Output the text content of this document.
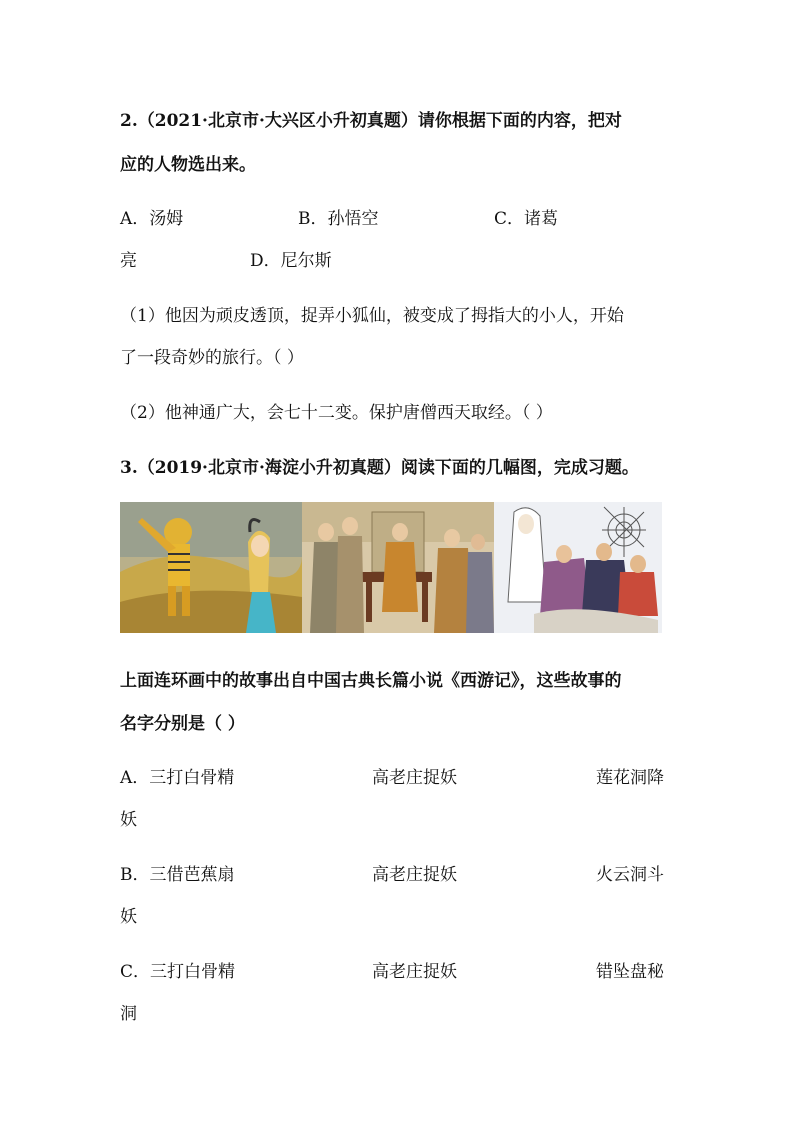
2.（2021·北京市·大兴区小升初真题）请你根据下面的内容，把对
应的人物选出来。
A．汤姆	B．孙悟空	C．诸葛
亮	D．尼尔斯
（1）他因为顽皮透顶，捉弄小狐仙，被变成了拇指大的小人，开始
了一段奇妙的旅行。（ ）
（2）他神通广大，会七十二变。保护唐僧西天取经。（ ）
3.（2019·北京市·海淀小升初真题）阅读下面的几幅图，完成习题。
上面连环画中的故事出自中国古典长篇小说《西游记》，这些故事的
名字分别是（ ）
A．三打白骨精	高老庄捉妖	莲花洞降
妖
B．三借芭蕉扇	高老庄捉妖	火云洞斗
妖
C．三打白骨精	高老庄捉妖	错坠盘秘
洞
